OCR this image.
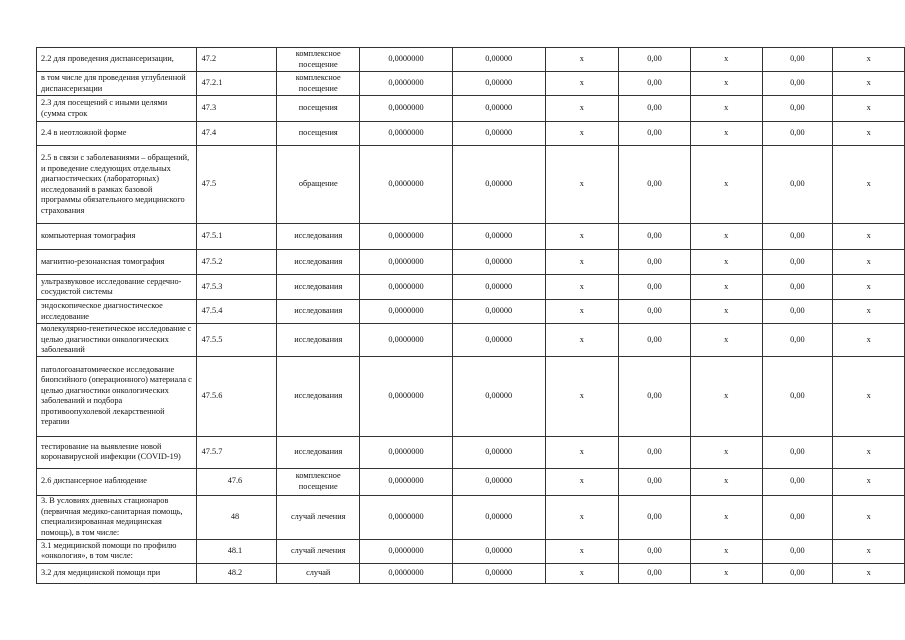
2.2 для проведения диспансеризации,	47.2	комплексное посещение	0,0000000	0,00000	x	0,00	x	0,00	x
в том числе для проведения углубленной диспансеризации	47.2.1	комплексное посещение	0,0000000	0,00000	x	0,00	x	0,00	x
2.3 для посещений с иными целями (сумма строк	47.3	посещения	0,0000000	0,00000	x	0,00	x	0,00	x
2.4 в неотложной форме	47.4	посещения	0,0000000	0,00000	x	0,00	x	0,00	x
2.5 в связи с заболеваниями – обращений, и проведение следующих отдельных диагностических (лабораторных) исследований в рамках базовой программы обязательного медицинского страхования	47.5	обращение	0,0000000	0,00000	x	0,00	x	0,00	x
компьютерная томография	47.5.1	исследования	0,0000000	0,00000	x	0,00	x	0,00	x
магнитно-резонансная томография	47.5.2	исследования	0,0000000	0,00000	x	0,00	x	0,00	x
ультразвуковое исследование сердечно-сосудистой системы	47.5.3	исследования	0,0000000	0,00000	x	0,00	x	0,00	x
эндоскопическое диагностическое исследование	47.5.4	исследования	0,0000000	0,00000	x	0,00	x	0,00	x
молекулярно-генетическое исследование с целью диагностики онкологических заболеваний	47.5.5	исследования	0,0000000	0,00000	x	0,00	x	0,00	x
патологоанатомическое исследование биопсийного (операционного) материала с целью диагностики онкологических заболеваний и подбора противоопухолевой лекарственной терапии	47.5.6	исследования	0,0000000	0,00000	x	0,00	x	0,00	x
тестирование на выявление новой коронавирусной инфекции (COVID-19)	47.5.7	исследования	0,0000000	0,00000	x	0,00	x	0,00	x
2.6 диспансерное наблюдение	47.6	комплексное посещение	0,0000000	0,00000	x	0,00	x	0,00	x
3. В условиях дневных стационаров (первичная медико-санитарная помощь, специализированная медицинская помощь), в том числе:	48	случай лечения	0,0000000	0,00000	x	0,00	x	0,00	x
3.1 медицинской помощи по профилю «онкология», в том числе:	48.1	случай лечения	0,0000000	0,00000	x	0,00	x	0,00	x
3.2 для медицинской помощи при	48.2	случай	0,0000000	0,00000	x	0,00	x	0,00	x
